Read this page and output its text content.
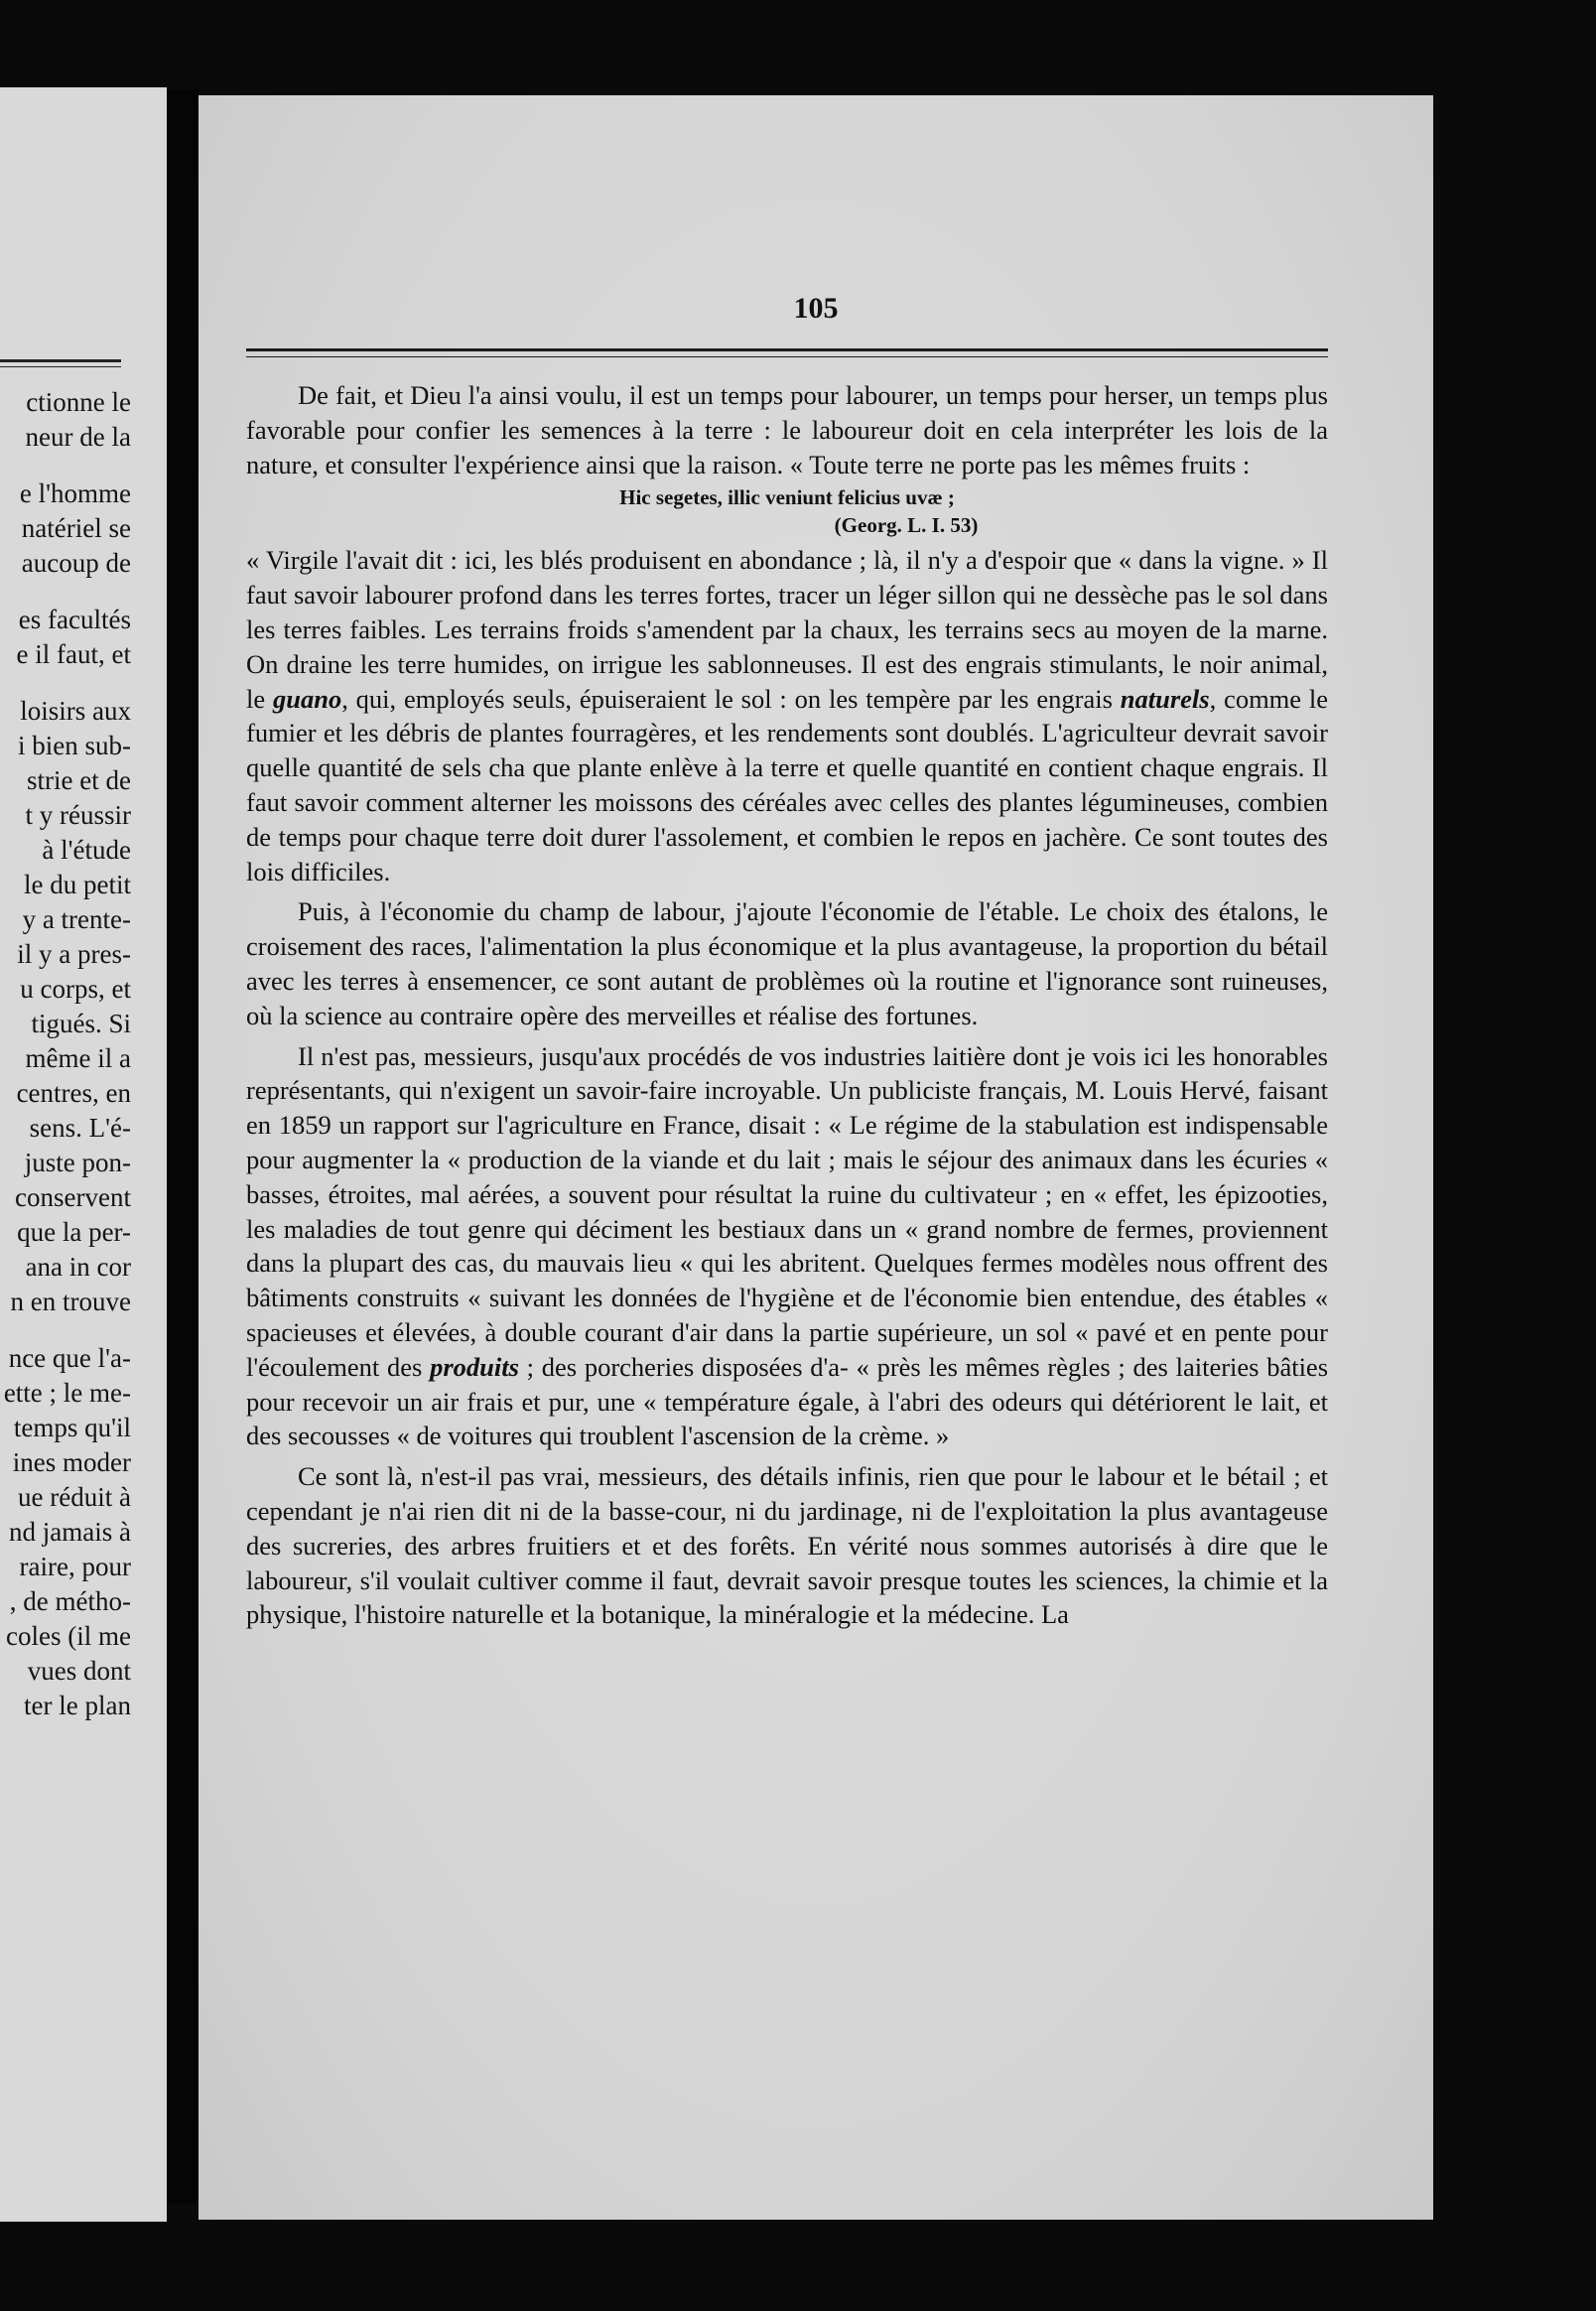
ctionne le
neur de la
e l'homme
natériel se
aucoup de
es facultés
e il faut, et
loisirs aux
i bien sub-
strie et de
t y réussir
à l'étude
le du petit
y a trente-
il y a pres-
u corps, et
tigués. Si
même il a
centres, en
sens. L'é-
juste pon-
conservent
que la per-
ana in cor
n en trouve
nce que l'a-
ette ; le me-
temps qu'il
ines moder
ue réduit à
nd jamais à
raire, pour
, de métho-
coles (il me
vues dont
ter le plan
105

De fait, et Dieu l'a ainsi voulu, il est un temps pour labourer, un temps pour herser, un temps plus favorable pour confier les semences à la terre : le laboureur doit en cela interpréter les lois de la nature, et consulter l'expérience ainsi que la raison. « Toute terre ne porte pas les mêmes fruits :

Hic segetes, illic veniunt felicius uvæ ;
(Georg. L. I. 53)

« Virgile l'avait dit : ici, les blés produisent en abondance ; là, il n'y a d'espoir que « dans la vigne. » Il faut savoir labourer profond dans les terres fortes, tracer un léger sillon qui ne dessèche pas le sol dans les terres faibles. Les terrains froids s'amendent par la chaux, les terrains secs au moyen de la marne. On draine les terre humides, on irrigue les sablonneuses. Il est des engrais stimulants, le noir animal, le guano, qui, employés seuls, épuiseraient le sol : on les tempère par les engrais naturels, comme le fumier et les débris de plantes fourragères, et les rendements sont doublés. L'agriculteur devrait savoir quelle quantité de sels cha que plante enlève à la terre et quelle quantité en contient chaque engrais. Il faut savoir comment alterner les moissons des céréales avec celles des plantes légumineuses, combien de temps pour chaque terre doit durer l'assolement, et combien le repos en jachère. Ce sont toutes des lois difficiles.

Puis, à l'économie du champ de labour, j'ajoute l'économie de l'étable. Le choix des étalons, le croisement des races, l'alimentation la plus économique et la plus avantageuse, la proportion du bétail avec les terres à ensemencer, ce sont autant de problèmes où la routine et l'ignorance sont ruineuses, où la science au contraire opère des merveilles et réalise des fortunes.

Il n'est pas, messieurs, jusqu'aux procédés de vos industries laitière dont je vois ici les honorables représentants, qui n'exigent un savoir-faire incroyable. Un publiciste français, M. Louis Hervé, faisant en 1859 un rapport sur l'agriculture en France, disait : « Le régime de la stabulation est indispensable pour augmenter la « production de la viande et du lait ; mais le séjour des animaux dans les écuries « basses, étroites, mal aérées, a souvent pour résultat la ruine du cultivateur ; en « effet, les épizooties, les maladies de tout genre qui déciment les bestiaux dans un « grand nombre de fermes, proviennent dans la plupart des cas, du mauvais lieu « qui les abritent. Quelques fermes modèles nous offrent des bâtiments construits « suivant les données de l'hygiène et de l'économie bien entendue, des étables « spacieuses et élevées, à double courant d'air dans la partie supérieure, un sol « pavé et en pente pour l'écoulement des produits ; des porcheries disposées d'a- « près les mêmes règles ; des laiteries bâties pour recevoir un air frais et pur, une « température égale, à l'abri des odeurs qui détériorent le lait, et des secousses « de voitures qui troublent l'ascension de la crème. »

Ce sont là, n'est-il pas vrai, messieurs, des détails infinis, rien que pour le labour et le bétail ; et cependant je n'ai rien dit ni de la basse-cour, ni du jardinage, ni de l'exploitation la plus avantageuse des sucreries, des arbres fruitiers et et des forêts. En vérité nous sommes autorisés à dire que le laboureur, s'il voulait cultiver comme il faut, devrait savoir presque toutes les sciences, la chimie et la physique, l'histoire naturelle et la botanique, la minéralogie et la médecine. La
